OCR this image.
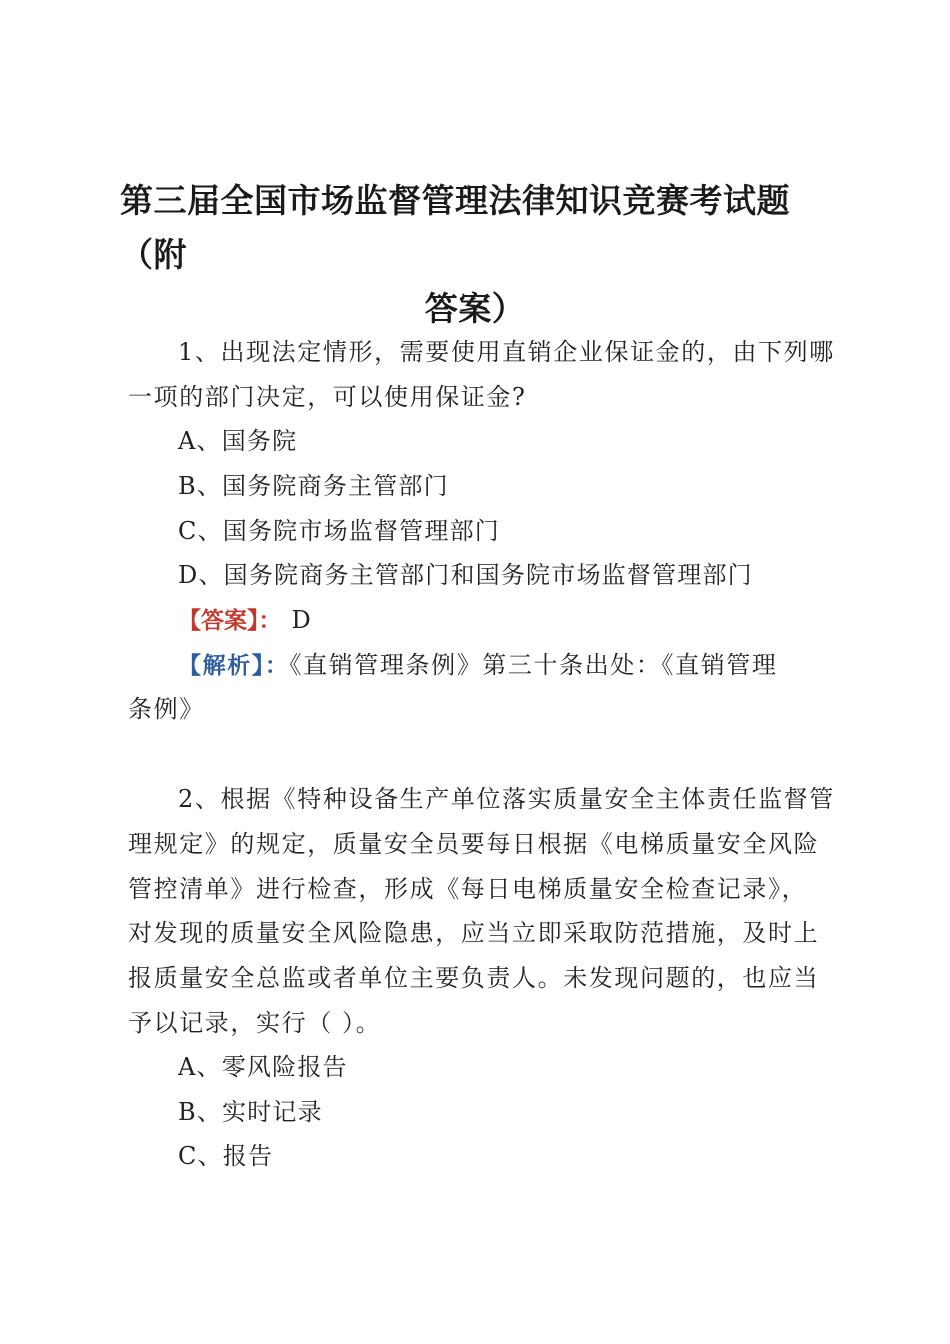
第三届全国市场监督管理法律知识竞赛考试题（附
答案）
1、出现法定情形，需要使用直销企业保证金的，由下列哪
一项的部门决定，可以使用保证金?
A、国务院
B、国务院商务主管部门
C、国务院市场监督管理部门
D、国务院商务主管部门和国务院市场监督管理部门
【答案】： D
【解析】：《直销管理条例》第三十条出处：《直销管理
条例》
2、根据《特种设备生产单位落实质量安全主体责任监督管
理规定》的规定，质量安全员要每日根据《电梯质量安全风险
管控清单》进行检查，形成《每日电梯质量安全检查记录》，
对发现的质量安全风险隐患，应当立即采取防范措施，及时上
报质量安全总监或者单位主要负责人。未发现问题的，也应当
予以记录，实行（ ）。
A、零风险报告
B、实时记录
C、报告
